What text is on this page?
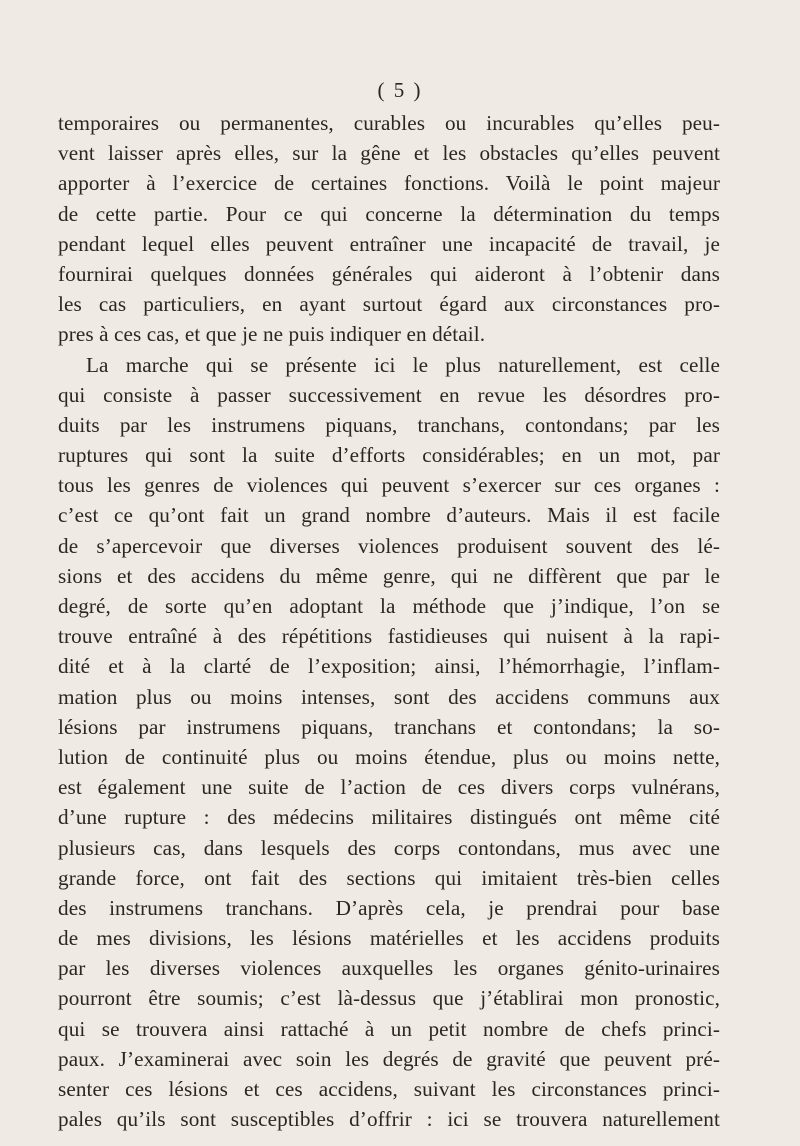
( 5 )
temporaires ou permanentes, curables ou incurables qu’elles peu-
vent laisser après elles, sur la gêne et les obstacles qu’elles peuvent
apporter à l’exercice de certaines fonctions. Voilà le point majeur
de cette partie. Pour ce qui concerne la détermination du temps
pendant lequel elles peuvent entraîner une incapacité de travail, je
fournirai quelques données générales qui aideront à l’obtenir dans
les cas particuliers, en ayant surtout égard aux circonstances pro-
pres à ces cas, et que je ne puis indiquer en détail.
La marche qui se présente ici le plus naturellement, est celle
qui consiste à passer successivement en revue les désordres pro-
duits par les instrumens piquans, tranchans, contondans; par les
ruptures qui sont la suite d’efforts considérables; en un mot, par
tous les genres de violences qui peuvent s’exercer sur ces organes :
c’est ce qu’ont fait un grand nombre d’auteurs. Mais il est facile
de s’apercevoir que diverses violences produisent souvent des lé-
sions et des accidens du même genre, qui ne diffèrent que par le
degré, de sorte qu’en adoptant la méthode que j’indique, l’on se
trouve entraîné à des répétitions fastidieuses qui nuisent à la rapi-
dité et à la clarté de l’exposition; ainsi, l’hémorrhagie, l’inflam-
mation plus ou moins intenses, sont des accidens communs aux
lésions par instrumens piquans, tranchans et contondans; la so-
lution de continuité plus ou moins étendue, plus ou moins nette,
est également une suite de l’action de ces divers corps vulnérans,
d’une rupture : des médecins militaires distingués ont même cité
plusieurs cas, dans lesquels des corps contondans, mus avec une
grande force, ont fait des sections qui imitaient très-bien celles
des instrumens tranchans. D’après cela, je prendrai pour base
de mes divisions, les lésions matérielles et les accidens produits
par les diverses violences auxquelles les organes génito-urinaires
pourront être soumis; c’est là-dessus que j’établirai mon pronostic,
qui se trouvera ainsi rattaché à un petit nombre de chefs princi-
paux. J’examinerai avec soin les degrés de gravité que peuvent pré-
senter ces lésions et ces accidens, suivant les circonstances princi-
pales qu’ils sont susceptibles d’offrir : ici se trouvera naturellement
